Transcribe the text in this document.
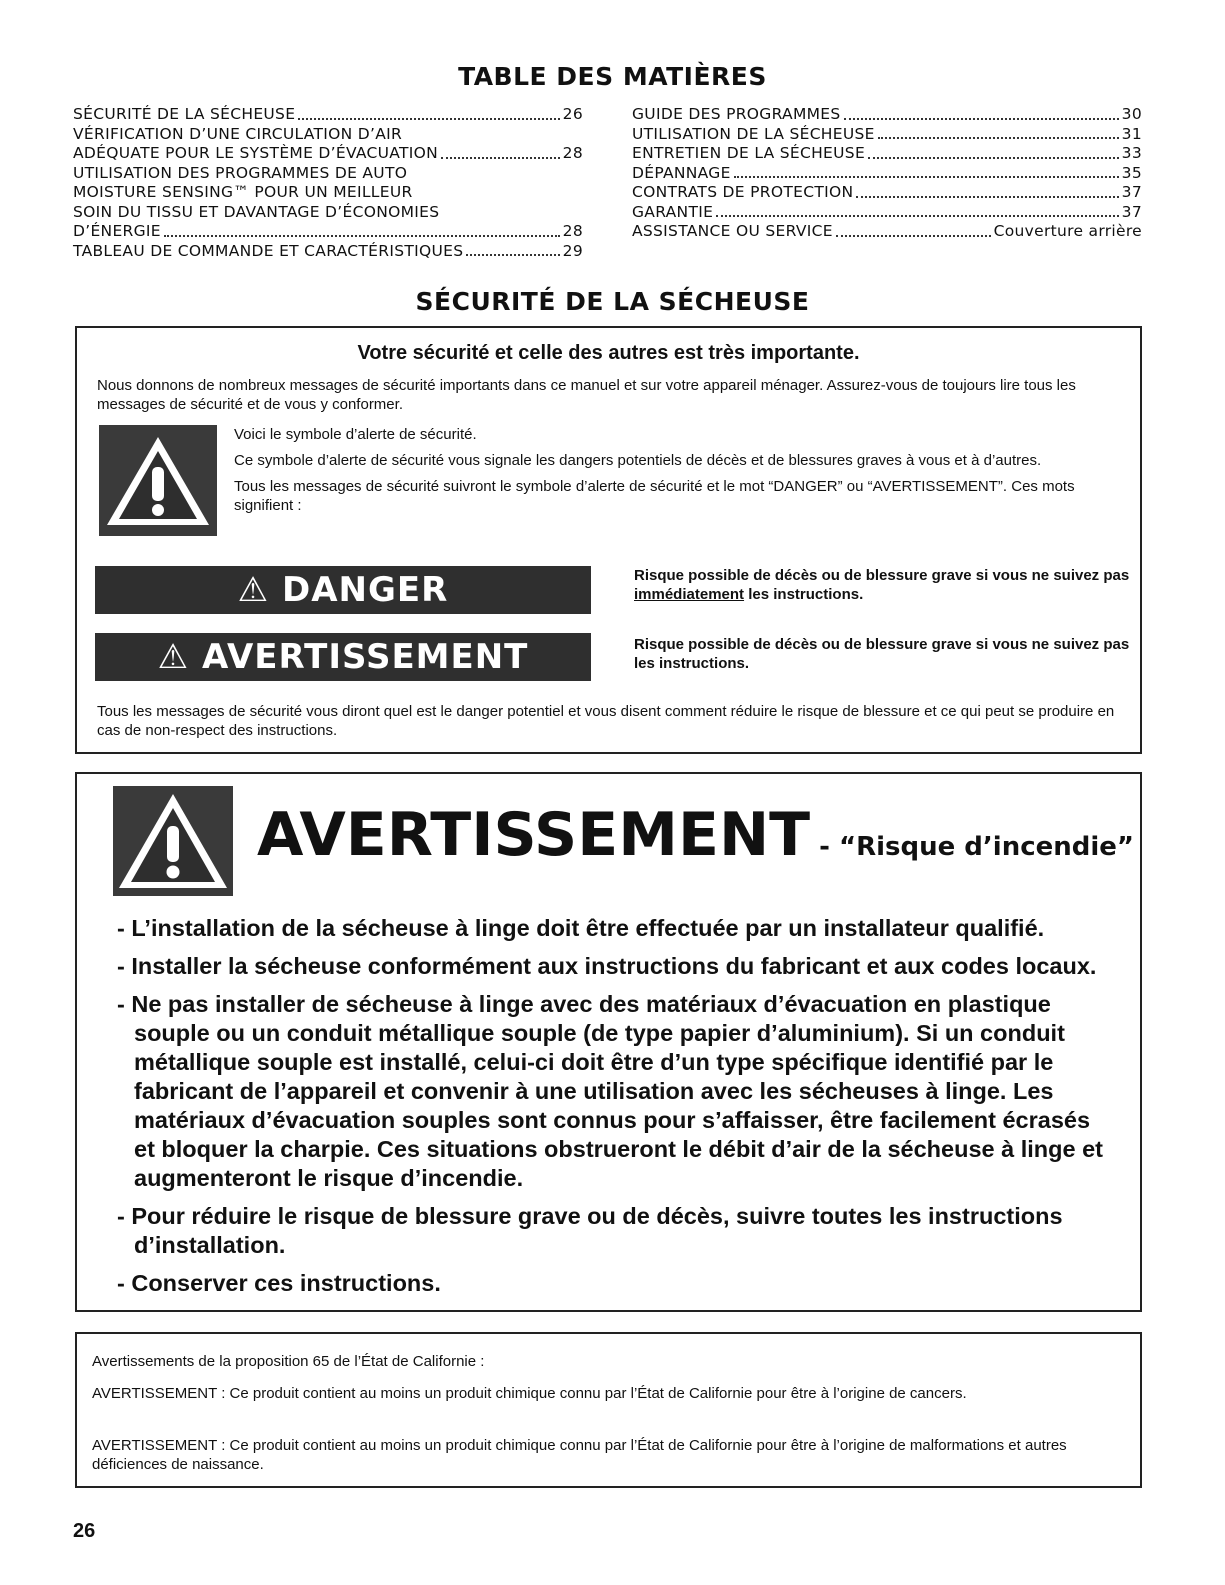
TABLE DES MATIÈRES
SÉCURITÉ DE LA SÉCHEUSE	26
VÉRIFICATION D’UNE CIRCULATION D’AIR
ADÉQUATE POUR LE SYSTÈME D’ÉVACUATION	28
UTILISATION DES PROGRAMMES DE AUTO
MOISTURE SENSING™ POUR UN MEILLEUR
SOIN DU TISSU ET DAVANTAGE D’ÉCONOMIES
D’ÉNERGIE	28
TABLEAU DE COMMANDE ET CARACTÉRISTIQUES	29
GUIDE DES PROGRAMMES	30
UTILISATION DE LA SÉCHEUSE	31
ENTRETIEN DE LA SÉCHEUSE	33
DÉPANNAGE	35
CONTRATS DE PROTECTION	37
GARANTIE	37
ASSISTANCE OU SERVICE	Couverture arrière
SÉCURITÉ DE LA SÉCHEUSE
Votre sécurité et celle des autres est très importante.
Nous donnons de nombreux messages de sécurité importants dans ce manuel et sur votre appareil ménager. Assurez-vous de toujours lire tous les messages de sécurité et de vous y conformer.

Voici le symbole d’alerte de sécurité.

Ce symbole d’alerte de sécurité vous signale les dangers potentiels de décès et de blessures graves à vous et à d’autres.

Tous les messages de sécurité suivront le symbole d’alerte de sécurité et le mot “DANGER” ou “AVERTISSEMENT”. Ces mots signifient :

⚠ DANGER	Risque possible de décès ou de blessure grave si vous ne suivez pas immédiatement les instructions.
⚠ AVERTISSEMENT	Risque possible de décès ou de blessure grave si vous ne suivez pas les instructions.
Tous les messages de sécurité vous diront quel est le danger potentiel et vous disent comment réduire le risque de blessure et ce qui peut se produire en cas de non-respect des instructions.
AVERTISSEMENT - “Risque d’incendie”
- L’installation de la sécheuse à linge doit être effectuée par un installateur qualifié.
- Installer la sécheuse conformément aux instructions du fabricant et aux codes locaux.
- Ne pas installer de sécheuse à linge avec des matériaux d’évacuation en plastique souple ou un conduit métallique souple (de type papier d’aluminium). Si un conduit métallique souple est installé, celui-ci doit être d’un type spécifique identifié par le fabricant de l’appareil et convenir à une utilisation avec les sécheuses à linge. Les matériaux d’évacuation souples sont connus pour s’affaisser, être facilement écrasés et bloquer la charpie. Ces situations obstrueront le débit d’air de la sécheuse à linge et augmenteront le risque d’incendie.
- Pour réduire le risque de blessure grave ou de décès, suivre toutes les instructions d’installation.
- Conserver ces instructions.
Avertissements de la proposition 65 de l’État de Californie :
AVERTISSEMENT : Ce produit contient au moins un produit chimique connu par l’État de Californie pour être à l’origine de cancers.
AVERTISSEMENT : Ce produit contient au moins un produit chimique connu par l’État de Californie pour être à l’origine de malformations et autres déficiences de naissance.
26
